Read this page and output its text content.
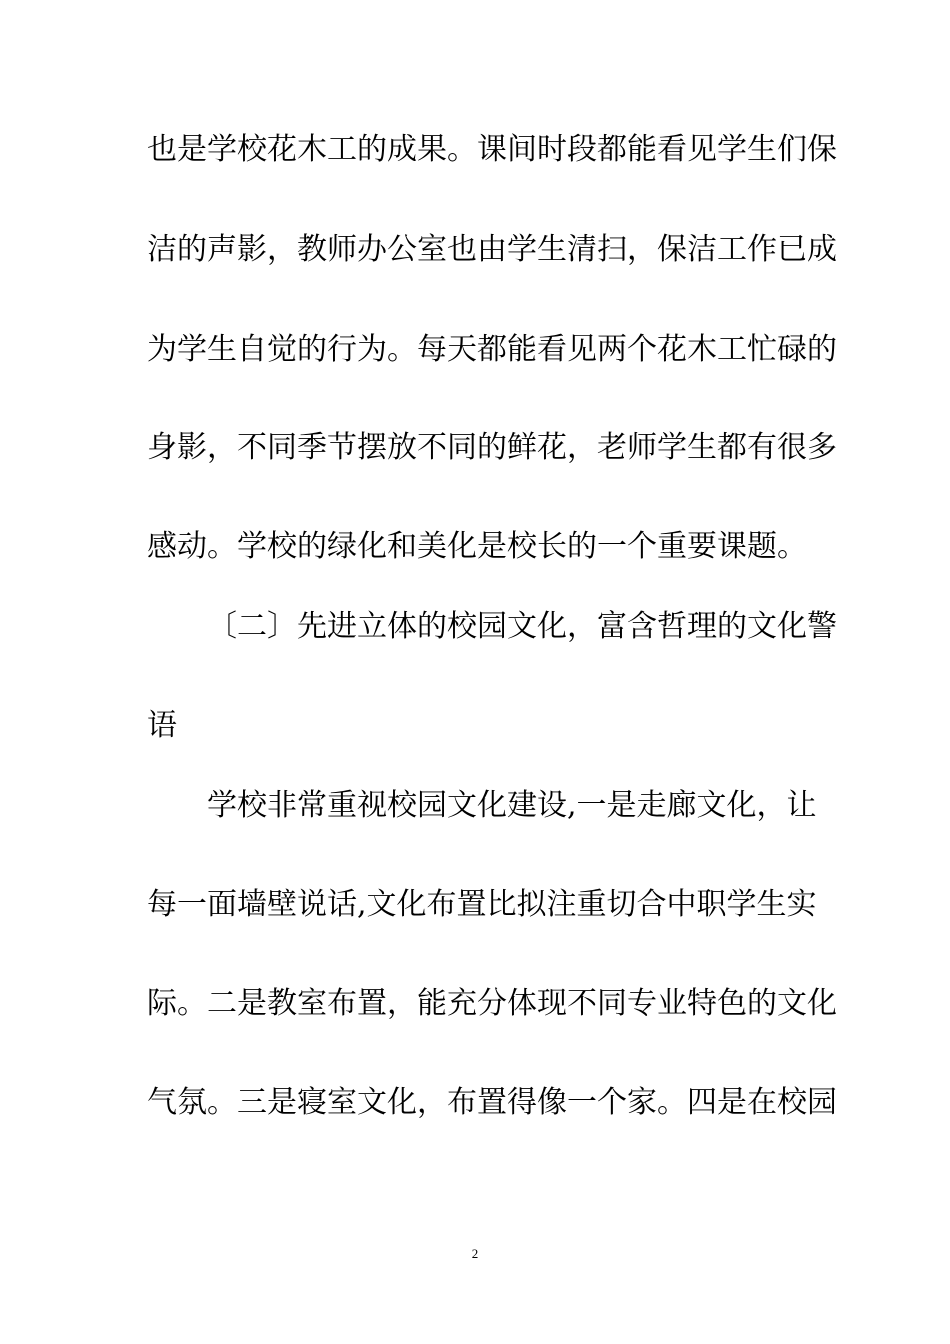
也是学校花木工的成果。课间时段都能看见学生们保
洁的声影，教师办公室也由学生清扫，保洁工作已成
为学生自觉的行为。每天都能看见两个花木工忙碌的
身影，不同季节摆放不同的鲜花，老师学生都有很多
感动。学校的绿化和美化是校长的一个重要课题。
〔二〕先进立体的校园文化，富含哲理的文化警
语
学校非常重视校园文化建设,一是走廊文化，让
每一面墙壁说话,文化布置比拟注重切合中职学生实
际。二是教室布置，能充分体现不同专业特色的文化
气氛。三是寝室文化，布置得像一个家。四是在校园
2
